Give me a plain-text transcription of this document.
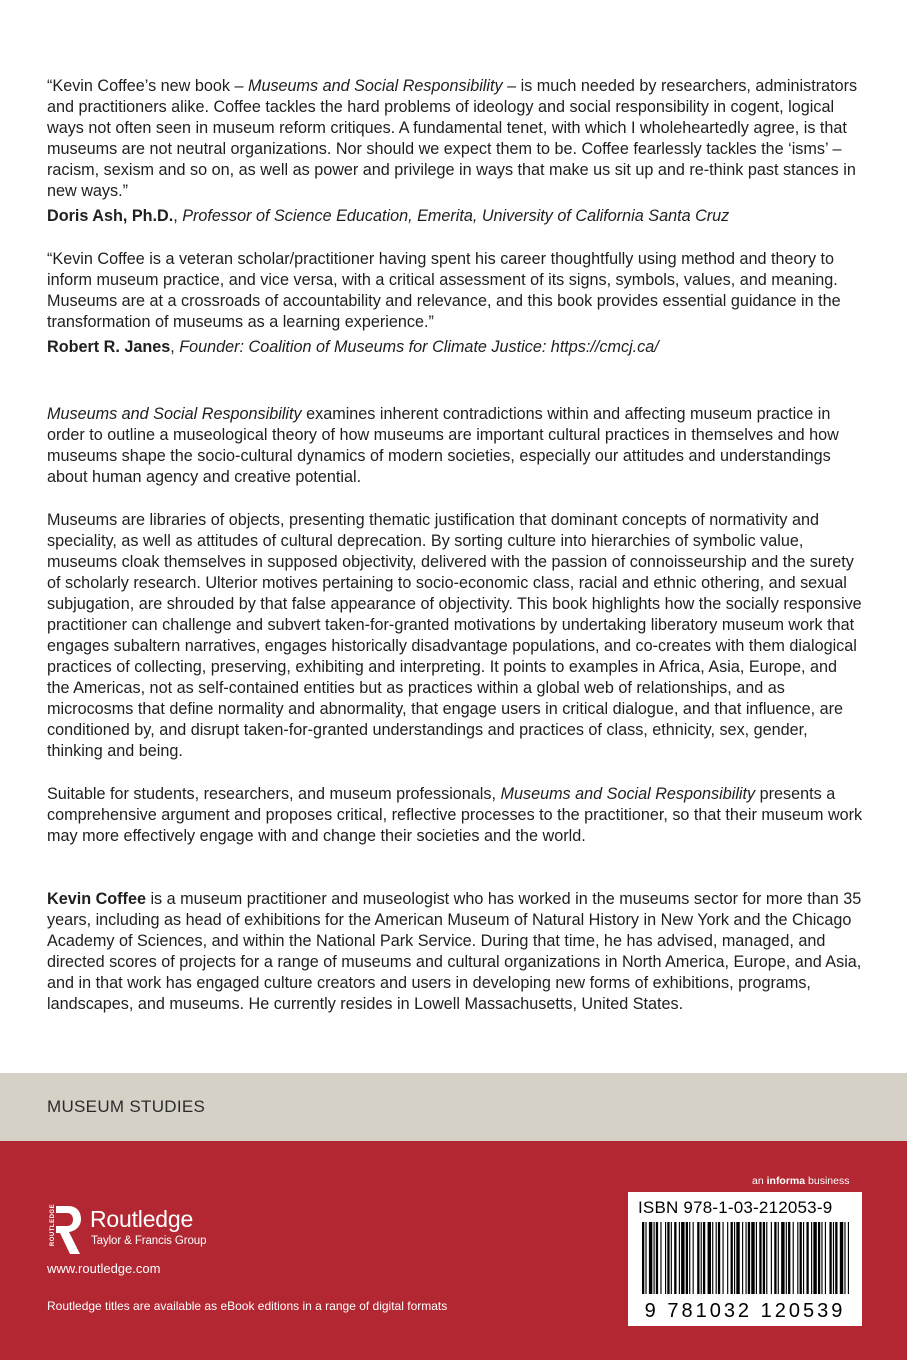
“Kevin Coffee’s new book – Museums and Social Responsibility – is much needed by researchers, administrators and practitioners alike. Coffee tackles the hard problems of ideology and social responsibility in cogent, logical ways not often seen in museum reform critiques. A fundamental tenet, with which I wholeheartedly agree, is that museums are not neutral organizations. Nor should we expect them to be. Coffee fearlessly tackles the ‘isms’ – racism, sexism and so on, as well as power and privilege in ways that make us sit up and re-think past stances in new ways.”

Doris Ash, Ph.D., Professor of Science Education, Emerita, University of California Santa Cruz

“Kevin Coffee is a veteran scholar/practitioner having spent his career thoughtfully using method and theory to inform museum practice, and vice versa, with a critical assessment of its signs, symbols, values, and meaning. Museums are at a crossroads of accountability and relevance, and this book provides essential guidance in the transformation of museums as a learning experience.”

Robert R. Janes, Founder: Coalition of Museums for Climate Justice: https://cmcj.ca/

Museums and Social Responsibility examines inherent contradictions within and affecting museum practice in order to outline a museological theory of how museums are important cultural practices in themselves and how museums shape the socio-cultural dynamics of modern societies, especially our attitudes and understandings about human agency and creative potential.

Museums are libraries of objects, presenting thematic justification that dominant concepts of normativity and speciality, as well as attitudes of cultural deprecation. By sorting culture into hierarchies of symbolic value, museums cloak themselves in supposed objectivity, delivered with the passion of connoisseurship and the surety of scholarly research. Ulterior motives pertaining to socio-economic class, racial and ethnic othering, and sexual subjugation, are shrouded by that false appearance of objectivity. This book highlights how the socially responsive practitioner can challenge and subvert taken-for-granted motivations by undertaking liberatory museum work that engages subaltern narratives, engages historically disadvantage populations, and co-creates with them dialogical practices of collecting, preserving, exhibiting and interpreting. It points to examples in Africa, Asia, Europe, and the Americas, not as self-contained entities but as practices within a global web of relationships, and as microcosms that define normality and abnormality, that engage users in critical dialogue, and that influence, are conditioned by, and disrupt taken-for-granted understandings and practices of class, ethnicity, sex, gender, thinking and being.

Suitable for students, researchers, and museum professionals, Museums and Social Responsibility presents a comprehensive argument and proposes critical, reflective processes to the practitioner, so that their museum work may more effectively engage with and change their societies and the world.

Kevin Coffee is a museum practitioner and museologist who has worked in the museums sector for more than 35 years, including as head of exhibitions for the American Museum of Natural History in New York and the Chicago Academy of Sciences, and within the National Park Service. During that time, he has advised, managed, and directed scores of projects for a range of museums and cultural organizations in North America, Europe, and Asia, and in that work has engaged culture creators and users in developing new forms of exhibitions, programs, landscapes, and museums. He currently resides in Lowell Massachusetts, United States.

MUSEUM STUDIES
ROUTLEDGE Routledge
Taylor & Francis Group
www.routledge.com
Routledge titles are available as eBook editions in a range of digital formats
an informa business
ISBN 978-1-03-212053-9
9 781032 120539
